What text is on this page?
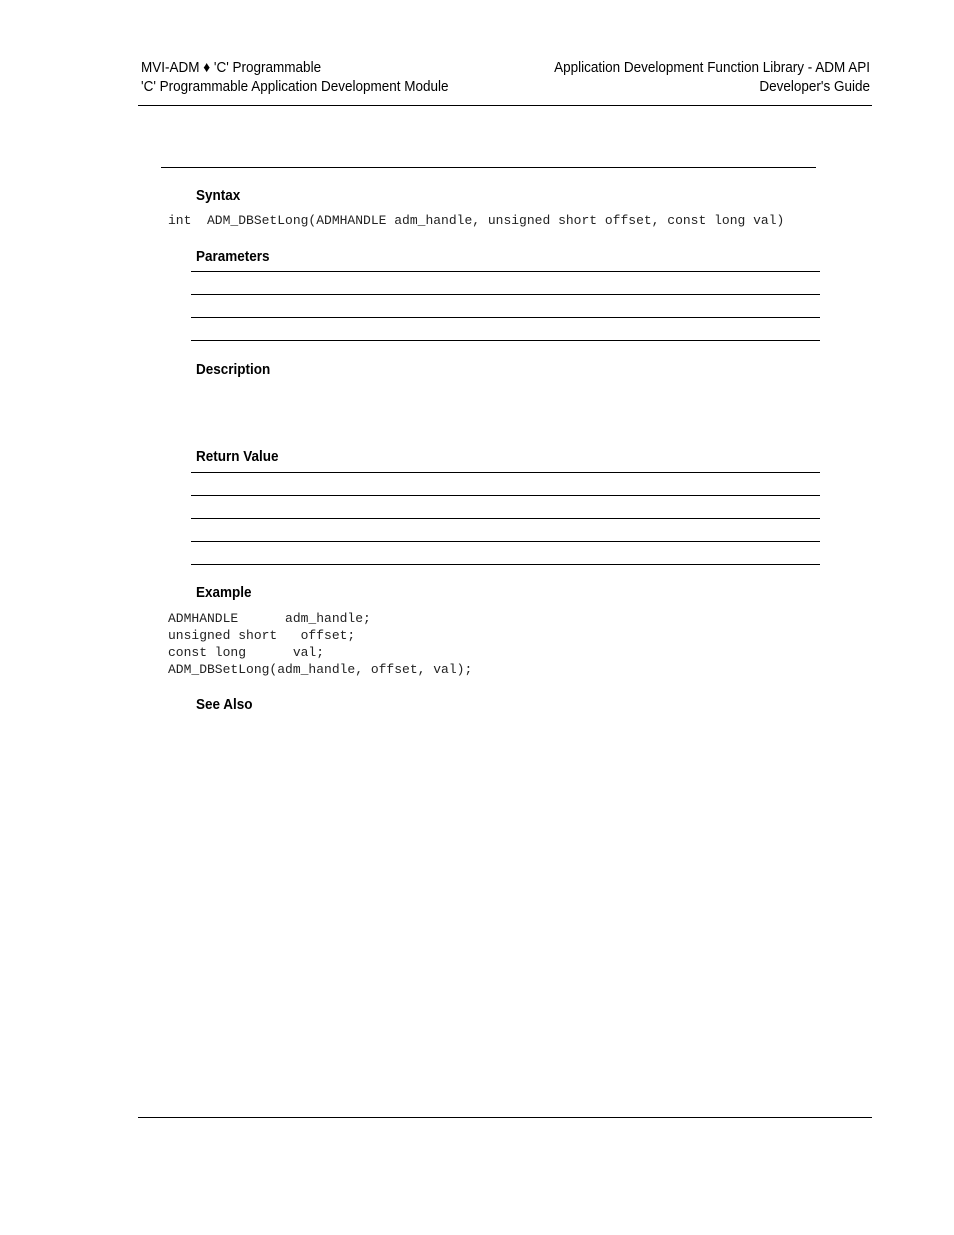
MVI-ADM ♦ 'C' Programmable
'C' Programmable Application Development Module
Application Development Function Library - ADM API
Developer's Guide
Syntax
int  ADM_DBSetLong(ADMHANDLE adm_handle, unsigned short offset, const long val)
Parameters
Description
Return Value
Example
ADMHANDLE      adm_handle;
unsigned short   offset;
const long      val;
ADM_DBSetLong(adm_handle, offset, val);
See Also
